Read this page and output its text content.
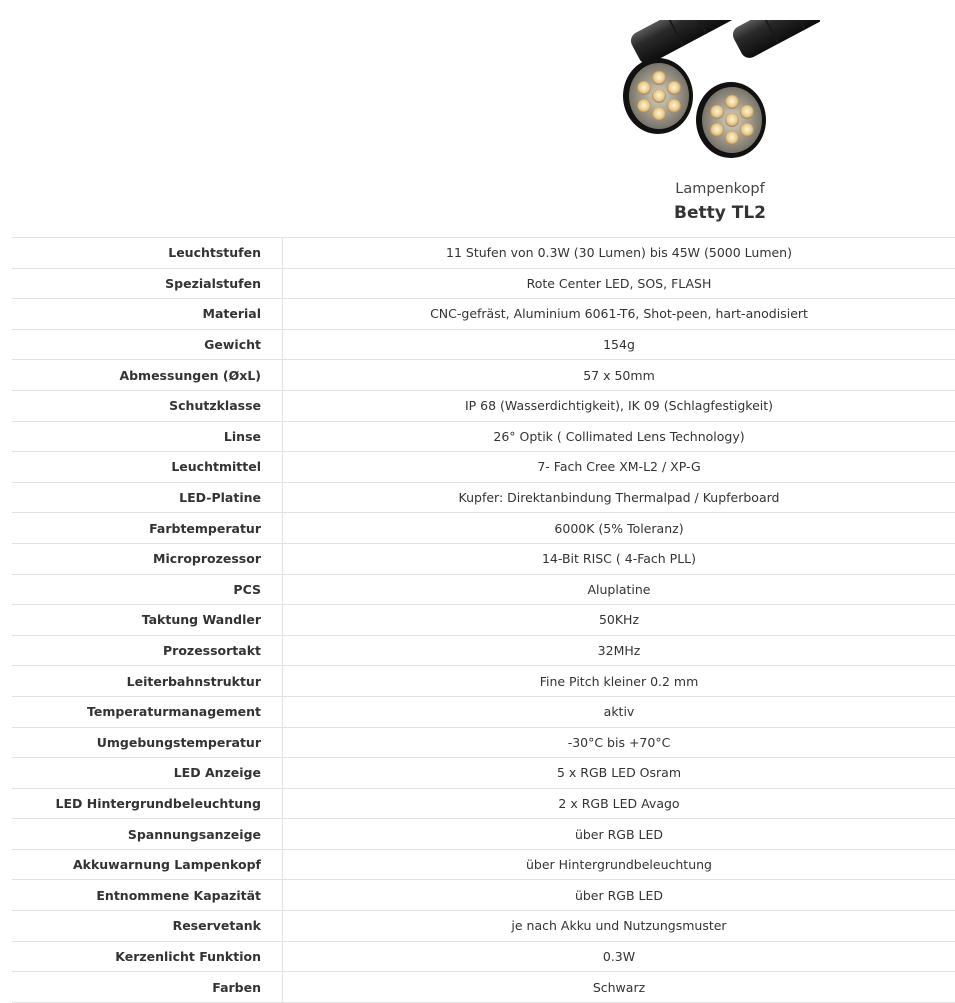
Lampenkopf
Betty TL2
Leuchtstufen	11 Stufen von 0.3W (30 Lumen) bis 45W (5000 Lumen)
Spezialstufen	Rote Center LED, SOS, FLASH
Material	CNC-gefräst, Aluminium 6061-T6, Shot-peen, hart-anodisiert
Gewicht	154g
Abmessungen (ØxL)	57 x 50mm
Schutzklasse	IP 68 (Wasserdichtigkeit), IK 09 (Schlagfestigkeit)
Linse	26° Optik ( Collimated Lens Technology)
Leuchtmittel	7- Fach Cree XM-L2 / XP-G
LED-Platine	Kupfer: Direktanbindung Thermalpad / Kupferboard
Farbtemperatur	6000K (5% Toleranz)
Microprozessor	14-Bit RISC ( 4-Fach PLL)
PCS	Aluplatine
Taktung Wandler	50KHz
Prozessortakt	32MHz
Leiterbahnstruktur	Fine Pitch kleiner 0.2 mm
Temperaturmanagement	aktiv
Umgebungstemperatur	-30°C bis +70°C
LED Anzeige	5 x RGB LED Osram
LED Hintergrundbeleuchtung	2 x RGB LED Avago
Spannungsanzeige	über RGB LED
Akkuwarnung Lampenkopf	über Hintergrundbeleuchtung
Entnommene Kapazität	über RGB LED
Reservetank	je nach Akku und Nutzungsmuster
Kerzenlicht Funktion	0.3W
Farben	Schwarz
